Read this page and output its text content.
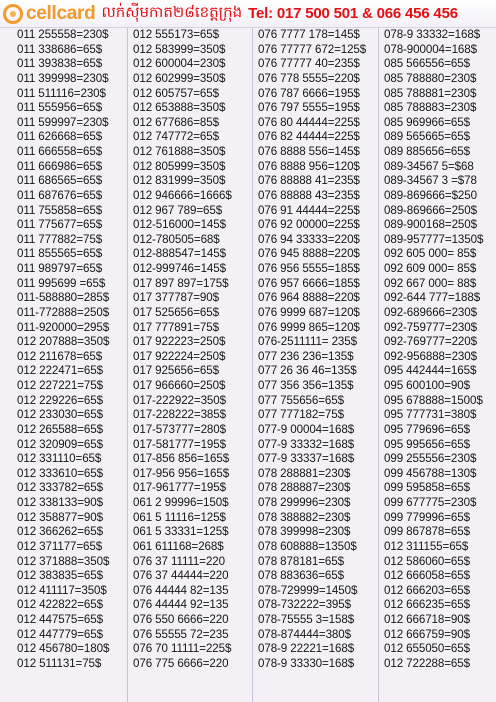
cellcard លក់ស៊ីមកាត២៨ខេត្តក្រុង Tel: 017 500 501 & 066 456 456
011 255558=230$
011 338686=65$
011 393838=65$
011 399998=230$
011 511116=230$
011 555956=65$
011 599997=230$
011 626668=65$
011 666558=65$
011 666986=65$
011 686565=65$
011 687676=65$
011 755858=65$
011 775677=65$
011 777882=75$
011 855565=65$
011 989797=65$
011 995699 =65$
011-588880=285$
011-772888=250$
011-920000=295$
012 207888=350$
012 211678=65$
012 222471=65$
012 227221=75$
012 229226=65$
012 233030=65$
012 265588=65$
012 320909=65$
012 331110=65$
012 333610=65$
012 333782=65$
012 338133=90$
012 358877=90$
012 366262=65$
012 371177=65$
012 371888=350$
012 383835=65$
012 411117=350$
012 422822=65$
012 447575=65$
012 447779=65$
012 456780=180$
012 511131=75$
012 555173=65$
012 583999=350$
012 600004=230$
012 602999=350$
012 605757=65$
012 653888=350$
012 677686=85$
012 747772=65$
012 761888=350$
012 805999=350$
012 831999=350$
012 946666=1666$
012 967 789=65$
012-516000=145$
012-780505=68$
012-888547=145$
012-999746=145$
017 897 897=175$
017 377787=90$
017 525656=65$
017 777891=75$
017 922223=250$
017 922224=250$
017 925656=65$
017 966660=250$
017-222922=350$
017-228222=385$
017-573777=280$
017-581777=195$
017-856 856=165$
017-956 956=165$
017-961777=195$
061 2 99996=150$
061 5 11116=125$
061 5 33331=125$
061 611168=268$
076 37 11111=220
076 37 44444=220
076 44444 82=135
076 44444 92=135
076 550 6666=220
076 55555 72=235
076 70 11111=225$
076 775 6666=220
076 7777 178=145$
076 77777 672=125$
076 77777 40=235$
076 778 5555=220$
076 787 6666=195$
076 797 5555=195$
076 80 44444=225$
076 82 44444=225$
076 8888 556=145$
076 8888 956=120$
076 88888 41=235$
076 88888 43=235$
076 91 44444=225$
076 92 00000=225$
076 94 33333=220$
076 945 8888=220$
076 956 5555=185$
076 957 6666=185$
076 964 8888=220$
076 9999 687=120$
076 9999 865=120$
076-2511111= 235$
077 236 236=135$
077 26 36 46=135$
077 356 356=135$
077 755656=65$
077 777182=75$
077-9 00004=168$
077-9 33332=168$
077-9 33337=168$
078 288881=230$
078 288887=230$
078 299996=230$
078 388882=230$
078 399998=230$
078 608888=1350$
078 878181=65$
078 883636=65$
078-729999=1450$
078-732222=395$
078-75555 3=158$
078-874444=380$
078-9 22221=168$
078-9 33330=168$
078-9 33332=168$
078-900004=168$
085 566556=65$
085 788880=230$
085 788881=230$
085 788883=230$
085 969966=65$
089 565665=65$
089 885656=65$
089-34567 5=$68
089-34567 3 =$78
089-869666=$250
089-869666=250$
089-900168=250$
089-957777=1350$
092 605 000= 85$
092 609 000= 85$
092 667 000= 88$
092-644 777=188$
092-689666=230$
092-759777=230$
092-769777=220$
092-956888=230$
095 442444=165$
095 600100=90$
095 678888=1500$
095 777731=380$
095 779696=65$
095 995656=65$
099 255556=230$
099 456788=130$
099 595858=65$
099 677775=230$
099 779996=65$
099 867878=65$
012 311155=65$
012 586060=65$
012 666058=65$
012 666203=65$
012 666235=65$
012 666718=90$
012 666759=90$
012 655050=65$
012 722288=65$
